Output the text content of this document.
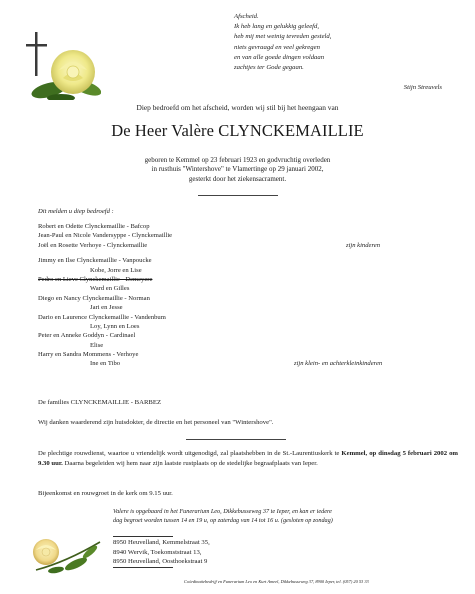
Afscheid.
Ik heb lang en gelukkig geleefd,
heb mij met weinig tevreden gesteld,
niets gevraagd en veel gekregen
en van alle goede dingen voldaan
zachtjes ter Gode gegaan.
Stijn Streuvels
Diep bedroefd om het afscheid, worden wij stil bij het heengaan van
De Heer Valère CLYNCKEMAILLIE
geboren te Kemmel op 23 februari 1923 en godvruchtig overleden
in rusthuis "Wintershove" te Vlamertinge op 29 januari 2002,
gesterkt door het ziekensacrament.
Dit melden u diep bedroefd :
Robert en Odette Clynckemaillie - Bafcop
Jean-Paul en Nicole Vandersyppe - Clynckemaillie
Joël en Rosette Verhoye - Clynckemaillie	zijn kinderen
Jimmy en Ilse Clynckemaillie - Vanpoucke
Kobe, Jorre en Lise
Pedro en Lieve Clynckemaillie - Demeyere
Ward en Gilles
Diego en Nancy Clynckemaillie - Norman
Jari en Jesse
Dario en Laurence Clynckemaillie - Vandenbum
Loy, Lynn en Loes
Peter en Anneke Goddyn - Cardinael
Elise
Harry en Sandra Mommens - Verhoye
Ine en Tibo	zijn klein- en achterkleinkinderen
De families CLYNCKEMAILLIE - BARBEZ
Wij danken waarderend zijn huisdokter, de directie en het personeel van "Wintershove".
De plechtige rouwdienst, waartoe u vriendelijk wordt uitgenodigd, zal plaatshebben in de St.-Laurentiuskerk te Kemmel, op dinsdag 5 februari 2002 om 9.30 uur. Daarna begeleiden wij hem naar zijn laatste rustplaats op de stedelijke begraafplaats van Ieper.
Bijeenkomst en rouwgroet in de kerk om 9.15 uur.
Valere is opgebaard in het Funerarium Leo, Dikkebusseweg 37 te Ieper, en kan er iedere
dag begroet worden tussen 14 en 19 u, op zaterdag van 14 tot 16 u. (gesloten op zondag)
8950 Heuvelland, Kemmelstraat 35,
8940 Wervik, Toekomststraat 13,
8950 Heuvelland, Oosthoekstraat 9
Coördinatiebedrijf en Funerarium Leo en Kurt Ameel, Dikkebusseweg 37, 8900 Ieper, tel. (057) 20 53 33
